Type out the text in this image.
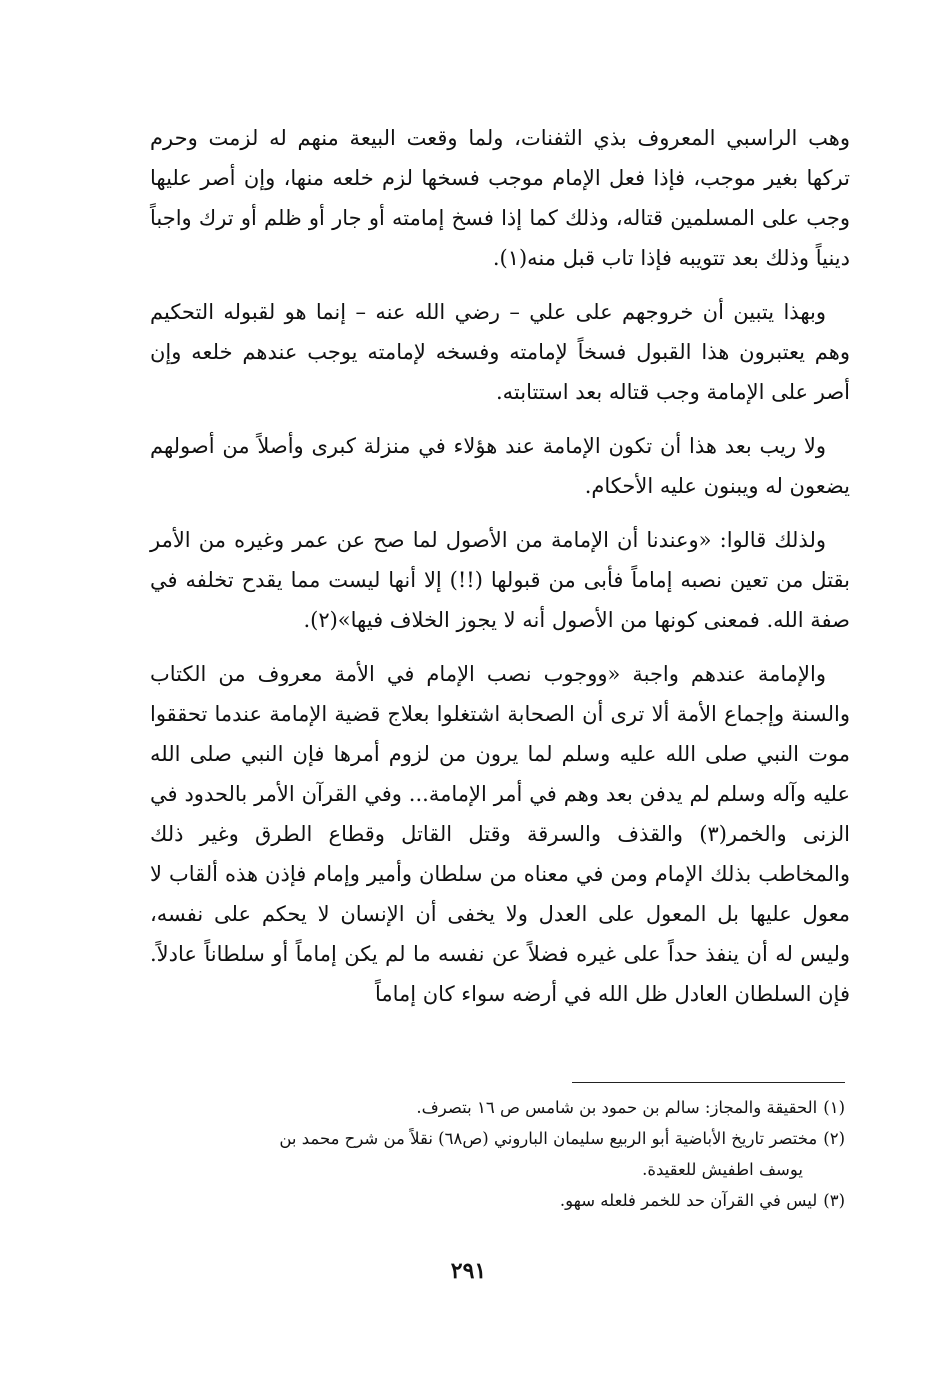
وهب الراسبي المعروف بذي الثفنات، ولما وقعت البيعة منهم له لزمت وحرم تركها بغير موجب، فإذا فعل الإمام موجب فسخها لزم خلعه منها، وإن أصر عليها وجب على المسلمين قتاله، وذلك كما إذا فسخ إمامته أو جار أو ظلم أو ترك واجباً دينياً وذلك بعد تتويبه فإذا تاب قبل منه(١).

وبهذا يتبين أن خروجهم على علي – رضي الله عنه – إنما هو لقبوله التحكيم وهم يعتبرون هذا القبول فسخاً لإمامته وفسخه لإمامته يوجب عندهم خلعه وإن أصر على الإمامة وجب قتاله بعد استتابته.

ولا ريب بعد هذا أن تكون الإمامة عند هؤلاء في منزلة كبرى وأصلاً من أصولهم يضعون له ويبنون عليه الأحكام.

ولذلك قالوا: «وعندنا أن الإمامة من الأصول لما صح عن عمر وغيره من الأمر بقتل من تعين نصبه إماماً فأبى من قبولها (!!) إلا أنها ليست مما يقدح تخلفه في صفة الله. فمعنى كونها من الأصول أنه لا يجوز الخلاف فيها»(٢).

والإمامة عندهم واجبة «ووجوب نصب الإمام في الأمة معروف من الكتاب والسنة وإجماع الأمة ألا ترى أن الصحابة اشتغلوا بعلاج قضية الإمامة عندما تحققوا موت النبي صلى الله عليه وسلم لما يرون من لزوم أمرها فإن النبي صلى الله عليه وآله وسلم لم يدفن بعد وهم في أمر الإمامة... وفي القرآن الأمر بالحدود في الزنى والخمر(٣) والقذف والسرقة وقتل القاتل وقطاع الطرق وغير ذلك والمخاطب بذلك الإمام ومن في معناه من سلطان وأمير وإمام فإذن هذه ألقاب لا معول عليها بل المعول على العدل ولا يخفى أن الإنسان لا يحكم على نفسه، وليس له أن ينفذ حداً على غيره فضلاً عن نفسه ما لم يكن إماماً أو سلطاناً عادلاً. فإن السلطان العادل ظل الله في أرضه سواء كان إماماً

(١)الحقيقة والمجاز: سالم بن حمود بن شامس ص ١٦ بتصرف.

(٢)مختصر تاريخ الأباضية أبو الربيع سليمان الباروني (ص٦٨) نقلاً من شرح محمد بن

يوسف اطفيش للعقيدة.

(٣)ليس في القرآن حد للخمر فلعله سهو.

٢٩١
